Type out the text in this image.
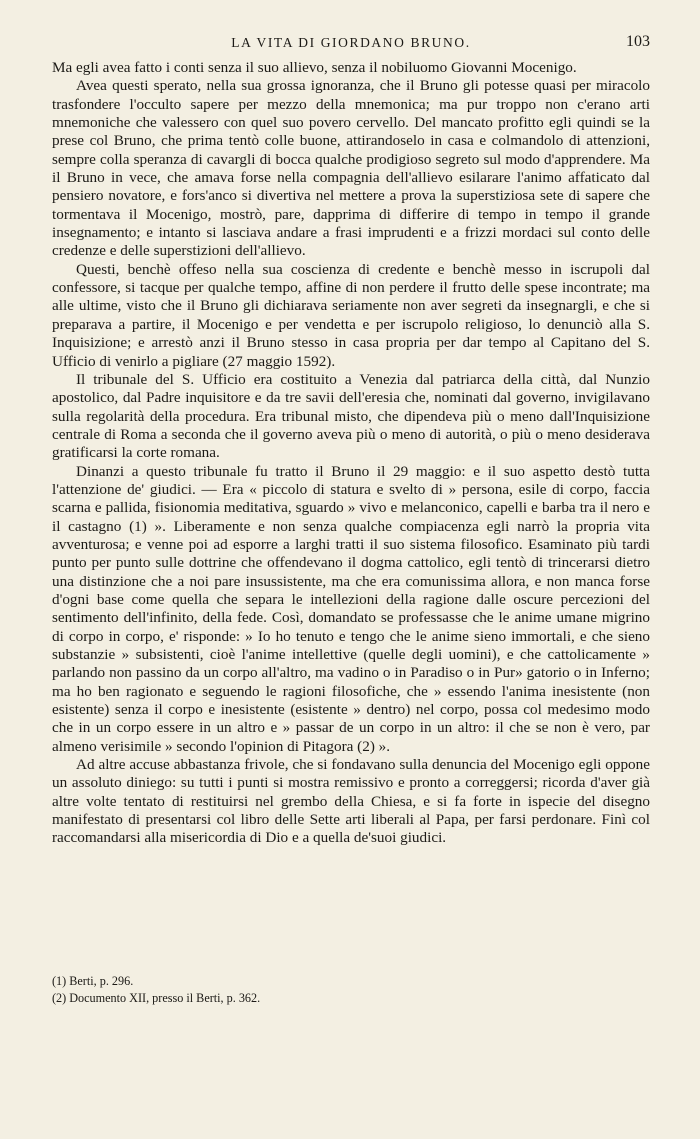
LA VITA DI GIORDANO BRUNO.	103

Ma egli avea fatto i conti senza il suo allievo, senza il nobiluomo Giovanni Mocenigo.

Avea questi sperato, nella sua grossa ignoranza, che il Bruno gli potesse quasi per miracolo trasfondere l'occulto sapere per mezzo della mnemonica; ma pur troppo non c'erano arti mnemoniche che valessero con quel suo povero cervello. Del mancato profitto egli quindi se la prese col Bruno, che prima tentò colle buone, attirandoselo in casa e colmandolo di attenzioni, sempre colla speranza di cavargli di bocca qualche prodigioso segreto sul modo d'apprendere. Ma il Bruno in vece, che amava forse nella compagnia dell'allievo esilarare l'animo affaticato dal pensiero novatore, e fors'anco si divertiva nel mettere a prova la superstiziosa sete di sapere che tormentava il Mocenigo, mostrò, pare, dapprima di differire di tempo in tempo il grande insegnamento; e intanto si lasciava andare a frasi imprudenti e a frizzi mordaci sul conto delle credenze e delle superstizioni dell'allievo.

Questi, benchè offeso nella sua coscienza di credente e benchè messo in iscrupoli dal confessore, si tacque per qualche tempo, affine di non perdere il frutto delle spese incontrate; ma alle ultime, visto che il Bruno gli dichiarava seriamente non aver segreti da insegnargli, e che si preparava a partire, il Mocenigo e per vendetta e per iscrupolo religioso, lo denunciò alla S. Inquisizione; e arrestò anzi il Bruno stesso in casa propria per dar tempo al Capitano del S. Ufficio di venirlo a pigliare (27 maggio 1592).

Il tribunale del S. Ufficio era costituito a Venezia dal patriarca della città, dal Nunzio apostolico, dal Padre inquisitore e da tre savii dell'eresia che, nominati dal governo, invigilavano sulla regolarità della procedura. Era tribunal misto, che dipendeva più o meno dall'Inquisizione centrale di Roma a seconda che il governo aveva più o meno di autorità, o più o meno desiderava gratificarsi la corte romana.

Dinanzi a questo tribunale fu tratto il Bruno il 29 maggio: e il suo aspetto destò tutta l'attenzione de' giudici. — Era « piccolo di statura e svelto di » persona, esile di corpo, faccia scarna e pallida, fisionomia meditativa, sguardo » vivo e melanconico, capelli e barba tra il nero e il castagno (1) ». Liberamente e non senza qualche compiacenza egli narrò la propria vita avventurosa; e venne poi ad esporre a larghi tratti il suo sistema filosofico. Esaminato più tardi punto per punto sulle dottrine che offendevano il dogma cattolico, egli tentò di trincerarsi dietro una distinzione che a noi pare insussistente, ma che era comunissima allora, e non manca forse d'ogni base come quella che separa le intellezioni della ragione dalle oscure percezioni del sentimento dell'infinito, della fede. Così, domandato se professasse che le anime umane migrino di corpo in corpo, e' risponde: » Io ho tenuto e tengo che le anime sieno immortali, e che sieno substanzie » subsistenti, cioè l'anime intellettive (quelle degli uomini), e che cattolicamente » parlando non passino da un corpo all'altro, ma vadino o in Paradiso o in Pur» gatorio o in Inferno; ma ho ben ragionato e seguendo le ragioni filosofiche, che » essendo l'anima inesistente (non esistente) senza il corpo e inesistente (esistente » dentro) nel corpo, possa col medesimo modo che in un corpo essere in un altro e » passar de un corpo in un altro: il che se non è vero, par almeno verisimile » secondo l'opinion di Pitagora (2) ».

Ad altre accuse abbastanza frivole, che si fondavano sulla denuncia del Mocenigo egli oppone un assoluto diniego: su tutti i punti si mostra remissivo e pronto a correggersi; ricorda d'aver già altre volte tentato di restituirsi nel grembo della Chiesa, e si fa forte in ispecie del disegno manifestato di presentarsi col libro delle Sette arti liberali al Papa, per farsi perdonare. Finì col raccomandarsi alla misericordia di Dio e a quella de'suoi giudici.

(1) Berti, p. 296.
(2) Documento XII, presso il Berti, p. 362.
